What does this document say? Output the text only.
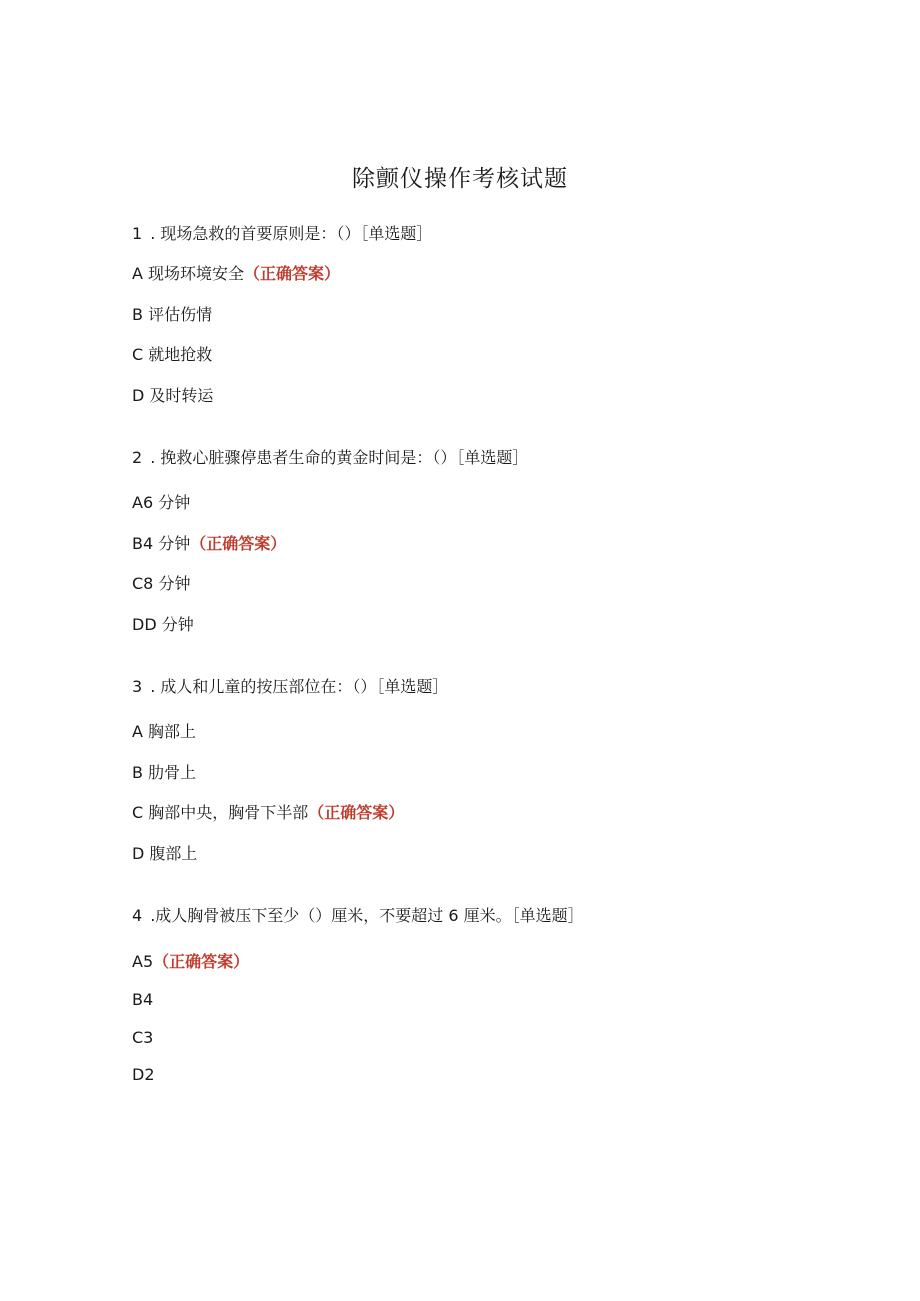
除颤仪操作考核试题
1 . 现场急救的首要原则是：（）［单选题］
A 现场环境安全（正确答案）
B 评估伤情
C 就地抢救
D 及时转运
2 . 挽救心脏骤停患者生命的黄金时间是：（）［单选题］
A6 分钟
B4 分钟（正确答案）
C8 分钟
DD 分钟
3 . 成人和儿童的按压部位在：（）［单选题］
A 胸部上
B 肋骨上
C 胸部中央，胸骨下半部（正确答案）
D 腹部上
4 .成人胸骨被压下至少（）厘米，不要超过 6 厘米。［单选题］
A5（正确答案）
B4
C3
D2
